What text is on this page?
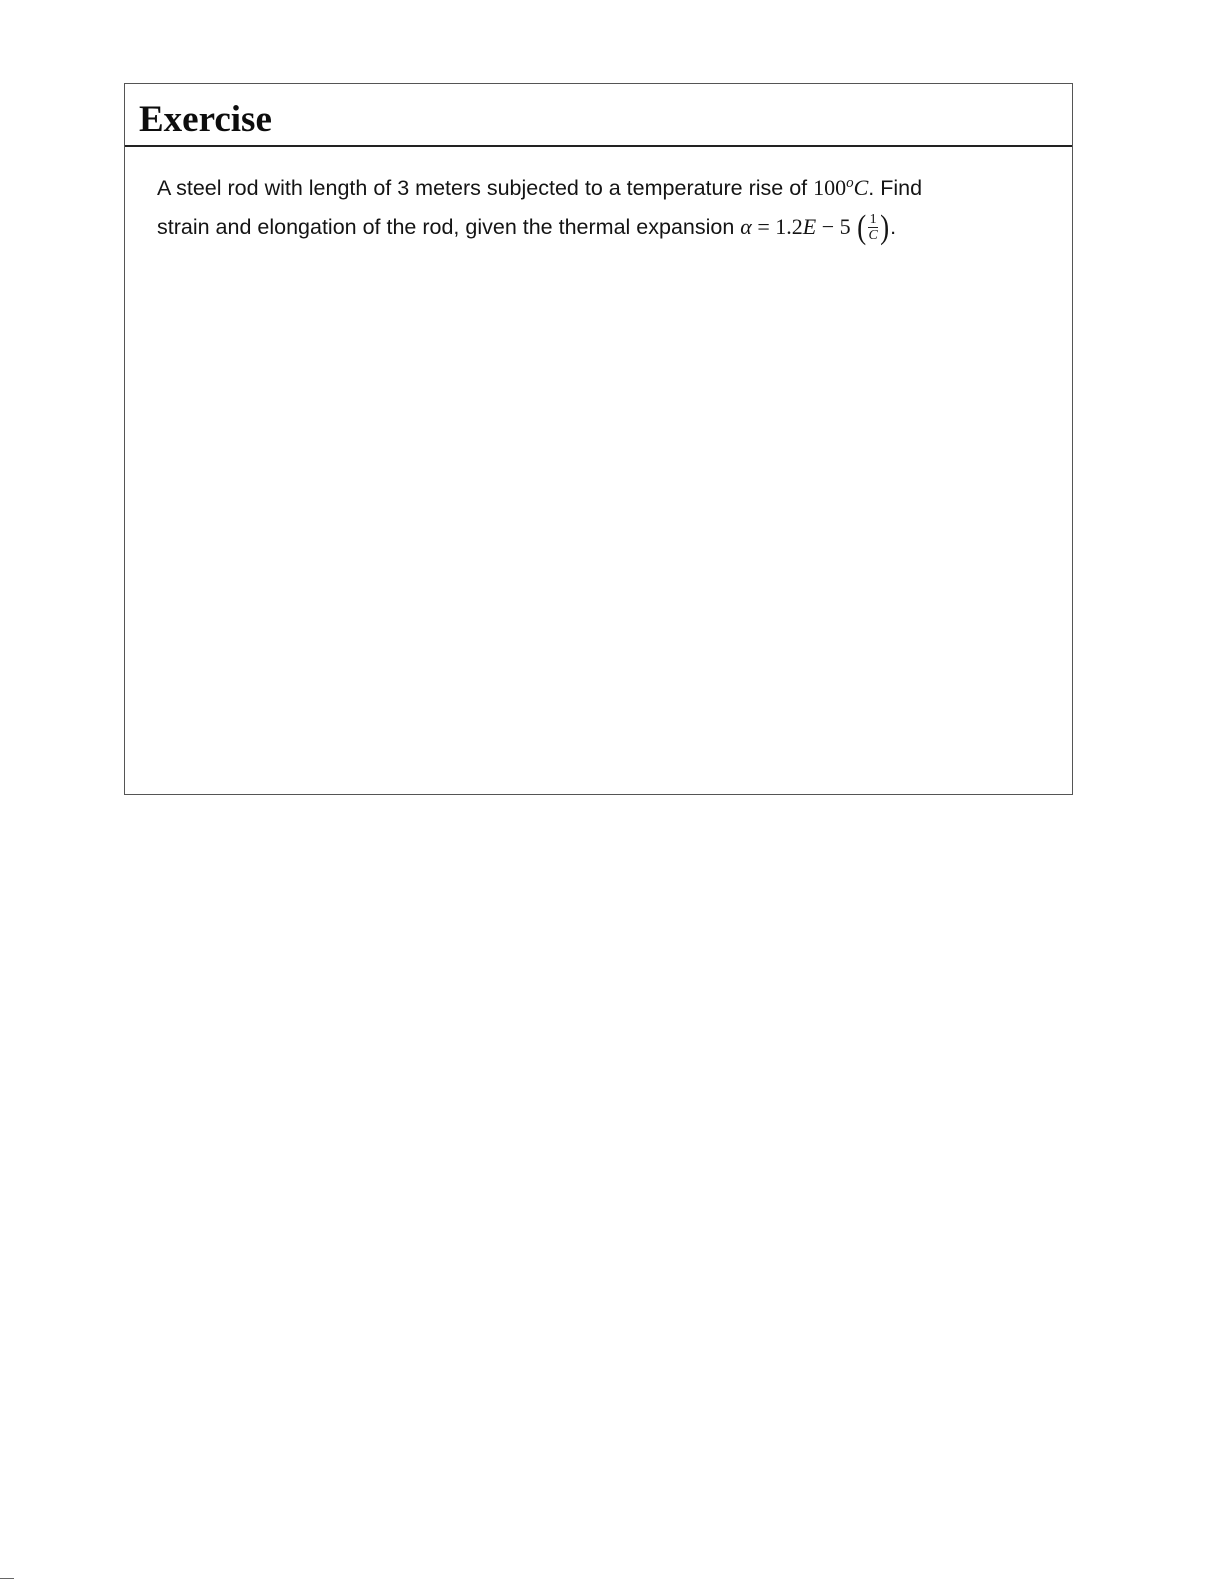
Exercise

A steel rod with length of 3 meters subjected to a temperature rise of 100$^o$C. Find

strain and elongation of the rod, given the thermal expansion α = 1.2E − 5 ( $\frac{1}{C}$ ).
